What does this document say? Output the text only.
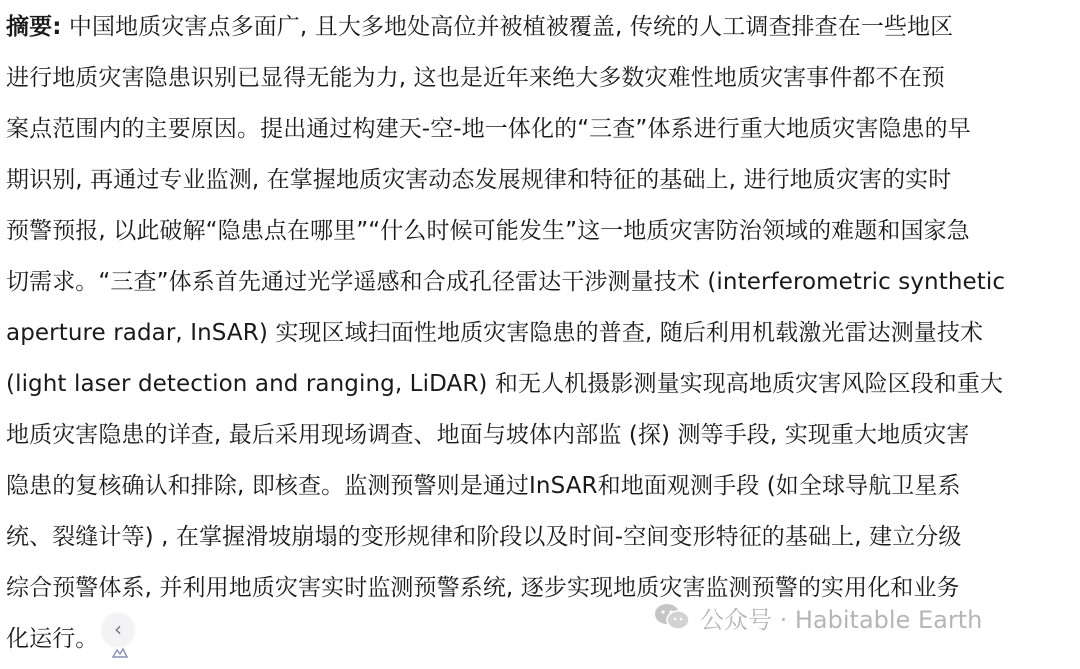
摘要: 中国地质灾害点多面广, 且大多地处高位并被植被覆盖, 传统的人工调查排查在一些地区
进行地质灾害隐患识别已显得无能为力, 这也是近年来绝大多数灾难性地质灾害事件都不在预
案点范围内的主要原因。提出通过构建天-空-地一体化的“三查”体系进行重大地质灾害隐患的早
期识别, 再通过专业监测, 在掌握地质灾害动态发展规律和特征的基础上, 进行地质灾害的实时
预警预报, 以此破解“隐患点在哪里”“什么时候可能发生”这一地质灾害防治领域的难题和国家急
切需求。“三查”体系首先通过光学遥感和合成孔径雷达干涉测量技术 (interferometric synthetic
aperture radar, InSAR) 实现区域扫面性地质灾害隐患的普查, 随后利用机载激光雷达测量技术
(light laser detection and ranging, LiDAR) 和无人机摄影测量实现高地质灾害风险区段和重大
地质灾害隐患的详查, 最后采用现场调查、地面与坡体内部监 (探) 测等手段, 实现重大地质灾害
隐患的复核确认和排除, 即核查。监测预警则是通过InSAR和地面观测手段 (如全球导航卫星系
统、裂缝计等) , 在掌握滑坡崩塌的变形规律和阶段以及时间-空间变形特征的基础上, 建立分级
综合预警体系, 并利用地质灾害实时监测预警系统, 逐步实现地质灾害监测预警的实用化和业务
化运行。
公众号 · Habitable Earth
‹
